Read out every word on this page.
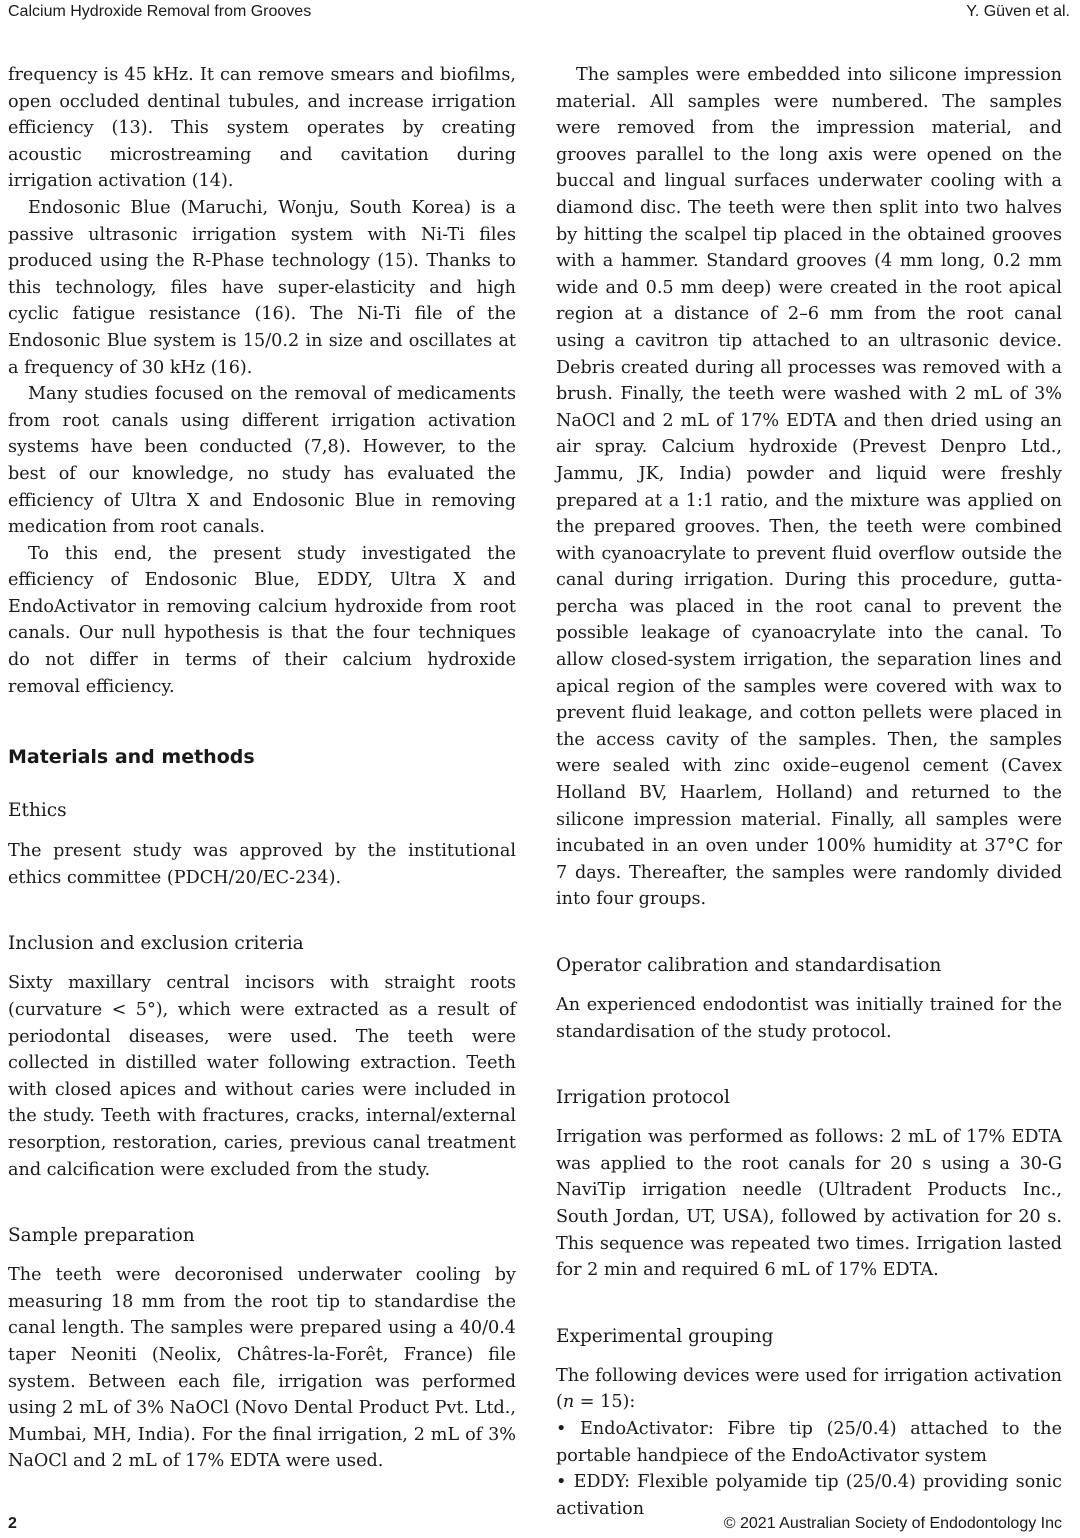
Calcium Hydroxide Removal from Grooves	Y. Güven et al.

frequency is 45 kHz. It can remove smears and biofilms, open occluded dentinal tubules, and increase irrigation efficiency (13). This system operates by creating acoustic microstreaming and cavitation during irrigation activation (14).

Endosonic Blue (Maruchi, Wonju, South Korea) is a passive ultrasonic irrigation system with Ni-Ti files produced using the R-Phase technology (15). Thanks to this technology, files have super-elasticity and high cyclic fatigue resistance (16). The Ni-Ti file of the Endosonic Blue system is 15/0.2 in size and oscillates at a frequency of 30 kHz (16).

Many studies focused on the removal of medicaments from root canals using different irrigation activation systems have been conducted (7,8). However, to the best of our knowledge, no study has evaluated the efficiency of Ultra X and Endosonic Blue in removing medication from root canals.

To this end, the present study investigated the efficiency of Endosonic Blue, EDDY, Ultra X and EndoActivator in removing calcium hydroxide from root canals. Our null hypothesis is that the four techniques do not differ in terms of their calcium hydroxide removal efficiency.

Materials and methods
Ethics

The present study was approved by the institutional ethics committee (PDCH/20/EC-234).

Inclusion and exclusion criteria

Sixty maxillary central incisors with straight roots (curvature < 5°), which were extracted as a result of periodontal diseases, were used. The teeth were collected in distilled water following extraction. Teeth with closed apices and without caries were included in the study. Teeth with fractures, cracks, internal/external resorption, restoration, caries, previous canal treatment and calcification were excluded from the study.

Sample preparation

The teeth were decoronised underwater cooling by measuring 18 mm from the root tip to standardise the canal length. The samples were prepared using a 40/0.4 taper Neoniti (Neolix, Châtres-la-Forêt, France) file system. Between each file, irrigation was performed using 2 mL of 3% NaOCl (Novo Dental Product Pvt. Ltd., Mumbai, MH, India). For the final irrigation, 2 mL of 3% NaOCl and 2 mL of 17% EDTA were used.

The samples were embedded into silicone impression material. All samples were numbered. The samples were removed from the impression material, and grooves parallel to the long axis were opened on the buccal and lingual surfaces underwater cooling with a diamond disc. The teeth were then split into two halves by hitting the scalpel tip placed in the obtained grooves with a hammer. Standard grooves (4 mm long, 0.2 mm wide and 0.5 mm deep) were created in the root apical region at a distance of 2–6 mm from the root canal using a cavitron tip attached to an ultrasonic device. Debris created during all processes was removed with a brush. Finally, the teeth were washed with 2 mL of 3% NaOCl and 2 mL of 17% EDTA and then dried using an air spray. Calcium hydroxide (Prevest Denpro Ltd., Jammu, JK, India) powder and liquid were freshly prepared at a 1:1 ratio, and the mixture was applied on the prepared grooves. Then, the teeth were combined with cyanoacrylate to prevent fluid overflow outside the canal during irrigation. During this procedure, gutta-percha was placed in the root canal to prevent the possible leakage of cyanoacrylate into the canal. To allow closed-system irrigation, the separation lines and apical region of the samples were covered with wax to prevent fluid leakage, and cotton pellets were placed in the access cavity of the samples. Then, the samples were sealed with zinc oxide–eugenol cement (Cavex Holland BV, Haarlem, Holland) and returned to the silicone impression material. Finally, all samples were incubated in an oven under 100% humidity at 37°C for 7 days. Thereafter, the samples were randomly divided into four groups.

Operator calibration and standardisation

An experienced endodontist was initially trained for the standardisation of the study protocol.

Irrigation protocol

Irrigation was performed as follows: 2 mL of 17% EDTA was applied to the root canals for 20 s using a 30-G NaviTip irrigation needle (Ultradent Products Inc., South Jordan, UT, USA), followed by activation for 20 s. This sequence was repeated two times. Irrigation lasted for 2 min and required 6 mL of 17% EDTA.

Experimental grouping

The following devices were used for irrigation activation (n = 15):

• EndoActivator: Fibre tip (25/0.4) attached to the portable handpiece of the EndoActivator system

• EDDY: Flexible polyamide tip (25/0.4) providing sonic activation

2	© 2021 Australian Society of Endodontology Inc
